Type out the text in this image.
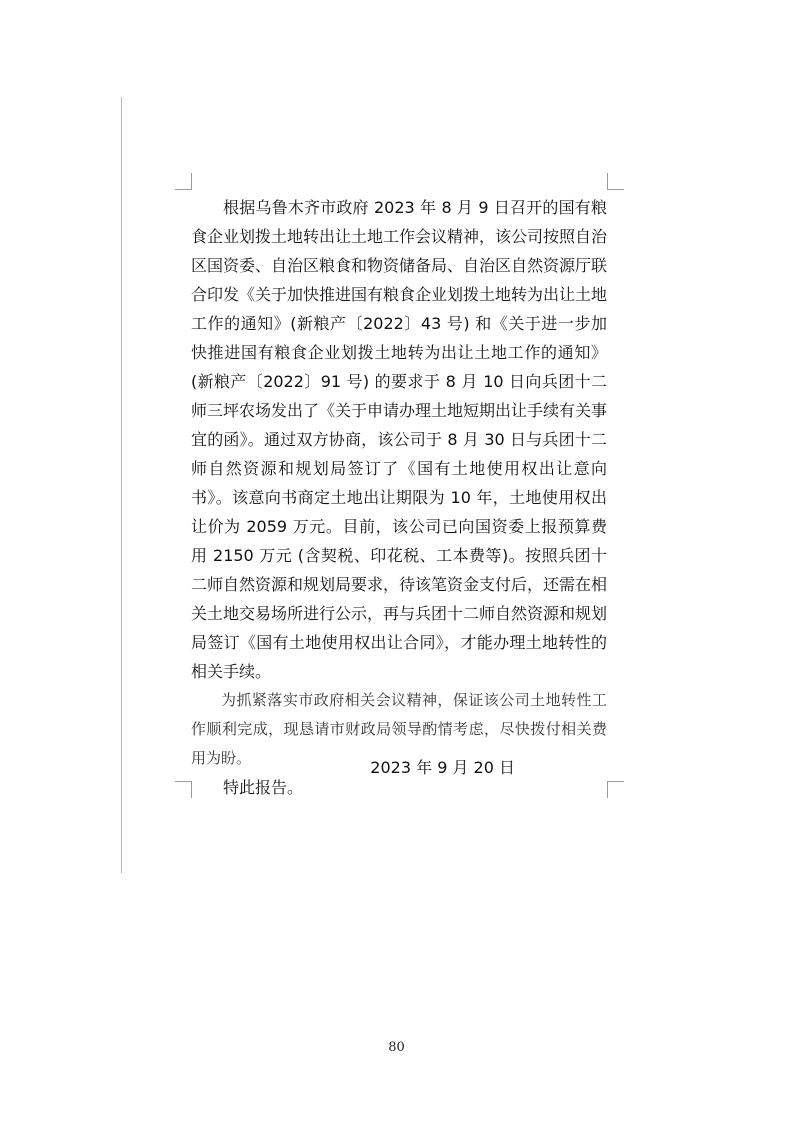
根据乌鲁木齐市政府 2023 年 8 月 9 日召开的国有粮食企业划拨土地转出让土地工作会议精神，该公司按照自治区国资委、自治区粮食和物资储备局、自治区自然资源厅联合印发《关于加快推进国有粮食企业划拨土地转为出让土地工作的通知》(新粮产〔2022〕43 号) 和《关于进一步加快推进国有粮食企业划拨土地转为出让土地工作的通知》(新粮产〔2022〕91 号) 的要求于 8 月 10 日向兵团十二师三坪农场发出了《关于申请办理土地短期出让手续有关事宜的函》。通过双方协商，该公司于 8 月 30 日与兵团十二师自然资源和规划局签订了《国有土地使用权出让意向书》。该意向书商定土地出让期限为 10 年，土地使用权出让价为 2059 万元。目前，该公司已向国资委上报预算费用 2150 万元 (含契税、印花税、工本费等)。按照兵团十二师自然资源和规划局要求，待该笔资金支付后，还需在相关土地交易场所进行公示，再与兵团十二师自然资源和规划局签订《国有土地使用权出让合同》，才能办理土地转性的相关手续。

为抓紧落实市政府相关会议精神，保证该公司土地转性工作顺利完成，现恳请市财政局领导酌情考虑，尽快拨付相关费用为盼。

特此报告。

2023 年 9 月 20 日
80
